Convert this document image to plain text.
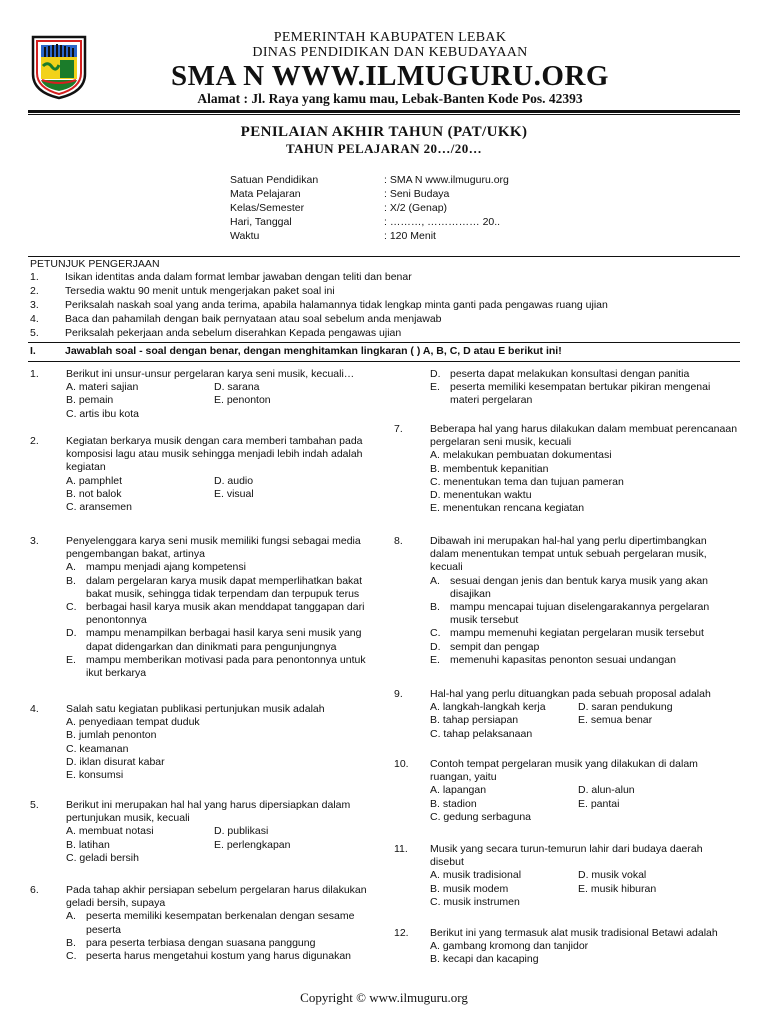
PEMERINTAH KABUPATEN LEBAK
DINAS PENDIDIKAN DAN KEBUDAYAAN
SMA N WWW.ILMUGURU.ORG
Alamat : Jl. Raya yang kamu mau, Lebak-Banten Kode Pos. 42393
PENILAIAN AKHIR TAHUN (PAT/UKK)
TAHUN PELAJARAN 20…/20…
Satuan Pendidikan	: SMA N www.ilmuguru.org
Mata Pelajaran	: Seni Budaya
Kelas/Semester	: X/2 (Genap)
Hari, Tanggal	: ………, …………… 20..
Waktu	: 120 Menit
PETUNJUK PENGERJAAN
1. Isikan identitas anda dalam format lembar jawaban dengan teliti dan benar
2. Tersedia waktu 90 menit untuk mengerjakan paket soal ini
3. Periksalah naskah soal yang anda terima, apabila halamannya tidak lengkap minta ganti pada pengawas ruang ujian
4. Baca dan pahamilah dengan baik pernyataan atau soal sebelum anda menjawab
5. Periksalah pekerjaan anda sebelum diserahkan Kepada pengawas ujian
I.	Jawablah soal - soal dengan benar, dengan menghitamkan lingkaran ( ) A, B, C, D atau E berikut ini!
1.	Berikut ini unsur-unsur pergelaran karya seni musik, kecuali…
A. materi sajian	D. sarana
B. pemain	E. penonton
C. artis ibu kota
2.	Kegiatan berkarya musik dengan cara memberi tambahan pada komposisi lagu atau musik sehingga menjadi lebih indah adalah kegiatan
A. pamphlet	D. audio
B. not balok	E. visual
C. aransemen
3.	Penyelenggara karya seni musik memiliki fungsi sebagai media pengembangan bakat, artinya
A. mampu menjadi ajang kompetensi
B. dalam pergelaran karya musik dapat memperlihatkan bakat bakat musik, sehingga tidak terpendam dan terpupuk terus
C. berbagai hasil karya musik akan menddapat tanggapan dari penontonnya
D. mampu menampilkan berbagai hasil karya seni musik yang dapat didengarkan dan dinikmati para pengunjungnya
E. mampu memberikan motivasi pada para penontonnya untuk ikut berkarya
4.	Salah satu kegiatan publikasi pertunjukan musik adalah
A. penyediaan tempat duduk
B. jumlah penonton
C. keamanan
D. iklan disurat kabar
E. konsumsi
5.	Berikut ini merupakan hal hal yang harus dipersiapkan dalam pertunjukan musik, kecuali
A. membuat notasi	D. publikasi
B. latihan	E. perlengkapan
C. geladi bersih
6.	Pada tahap akhir persiapan sebelum pergelaran harus dilakukan geladi bersih, supaya
A. peserta memiliki kesempatan berkenalan dengan sesame peserta
B. para peserta terbiasa dengan suasana panggung
C. peserta harus mengetahui kostum yang harus digunakan
D. peserta dapat melakukan konsultasi dengan panitia
E. peserta memiliki kesempatan bertukar pikiran mengenai materi pergelaran
7.	Beberapa hal yang harus dilakukan dalam membuat perencanaan pergelaran seni musik, kecuali
A. melakukan pembuatan dokumentasi
B. membentuk kepanitian
C. menentukan tema dan tujuan pameran
D. menentukan waktu
E. menentukan rencana kegiatan
8.	Dibawah ini merupakan hal-hal yang perlu dipertimbangkan dalam menentukan tempat untuk sebuah pergelaran musik, kecuali
A. sesuai dengan jenis dan bentuk karya musik yang akan disajikan
B. mampu mencapai tujuan diselengarakannya pergelaran musik tersebut
C. mampu memenuhi kegiatan pergelaran musik tersebut
D. sempit dan pengap
E. memenuhi kapasitas penonton sesuai undangan
9.	Hal-hal yang perlu dituangkan pada sebuah proposal adalah
A. langkah-langkah kerja	D. saran pendukung
B. tahap persiapan	E. semua benar
C. tahap pelaksanaan
10. Contoh tempat pergelaran musik yang dilakukan di dalam ruangan, yaitu
A. lapangan	D. alun-alun
B. stadion	E. pantai
C. gedung serbaguna
11. Musik yang secara turun-temurun lahir dari budaya daerah disebut
A. musik tradisional	D. musik vokal
B. musik modem	E. musik hiburan
C. musik instrumen
12. Berikut ini yang termasuk alat musik tradisional Betawi adalah
A. gambang kromong dan tanjidor
B. kecapi dan kacaping
Copyright © www.ilmuguru.org
